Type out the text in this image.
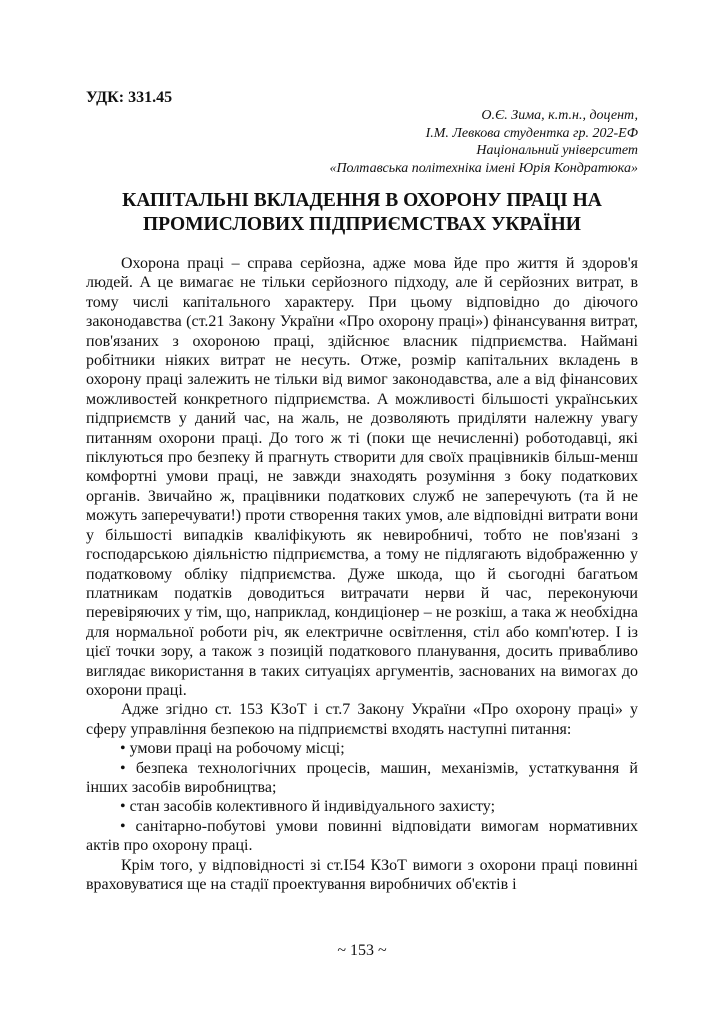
УДК: 331.45
О.Є. Зима, к.т.н., доцент,
І.М. Левкова студентка гр. 202-ЕФ
Національний університет
«Полтавська політехніка імені Юрія Кондратюка»
КАПІТАЛЬНІ ВКЛАДЕННЯ В ОХОРОНУ ПРАЦІ НА
ПРОМИСЛОВИХ ПІДПРИЄМСТВАХ УКРАЇНИ

Охорона праці – справа серйозна, адже мова йде про життя й здоров'я людей. А це вимагає не тільки серйозного підходу, але й серйозних витрат, в тому числі капітального характеру. При цьому відповідно до діючого законодавства (ст.21 Закону України «Про охорону праці») фінансування витрат, пов'язаних з охороною праці, здійснює власник підприємства. Наймані робітники ніяких витрат не несуть. Отже, розмір капітальних вкладень в охорону праці залежить не тільки від вимог законодавства, але а від фінансових можливостей конкретного підприємства. А можливості більшості українських підприємств у даний час, на жаль, не дозволяють приділяти належну увагу питанням охорони праці. До того ж ті (поки ще нечисленні) роботодавці, які піклуються про безпеку й прагнуть створити для своїх працівників більш-менш комфортні умови праці, не завжди знаходять розуміння з боку податкових органів. Звичайно ж, працівники податкових служб не заперечують (та й не можуть заперечувати!) проти створення таких умов, але відповідні витрати вони у більшості випадків кваліфікують як невиробничі, тобто не пов'язані з господарською діяльністю підприємства, а тому не підлягають відображенню у податковому обліку підприємства. Дуже шкода, що й сьогодні багатьом платникам податків доводиться витрачати нерви й час, переконуючи перевіряючих у тім, що, наприклад, кондиціонер – не розкіш, а така ж необхідна для нормальної роботи річ, як електричне освітлення, стіл або комп'ютер. І із цієї точки зору, а також з позицій податкового планування, досить привабливо виглядає використання в таких ситуаціях аргументів, заснованих на вимогах до охорони праці.

Адже згідно ст. 153 КЗоТ і ст.7 Закону України «Про охорону праці» у сферу управління безпекою на підприємстві входять наступні питання:

• умови праці на робочому місці;

• безпека технологічних процесів, машин, механізмів, устаткування й інших засобів виробництва;

• стан засобів колективного й індивідуального захисту;

• санітарно-побутові умови повинні відповідати вимогам нормативних актів про охорону праці.

Крім того, у відповідності зі ст.І54 КЗоТ вимоги з охорони праці повинні враховуватися ще на стадії проектування виробничих об'єктів і

~ 153 ~
